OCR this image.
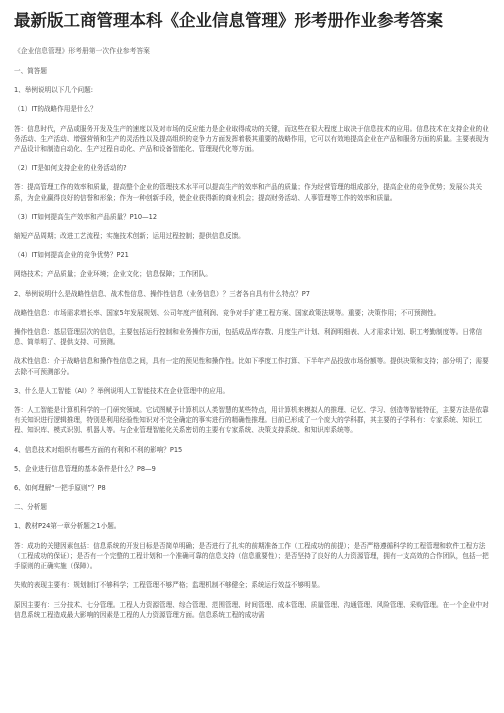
最新版工商管理本科《企业信息管理》形考册作业参考答案

《企业信息管理》形考册第一次作业参考答案

一、简答题

1、举例说明以下几个问题:

（1）IT的战略作用是什么？

答：信息时代，产品或服务开发及生产的速度以及对市场的反应能力是企业取得成功的关键，而这些在很大程度上取决于信息技术的应用。信息技术在支持企业的业务活动、生产活动、增强营销和生产的灵活性以及提高组织的竞争力方面发挥着极其重要的战略作用，它可以有效地提高企业在产品和服务方面的质量。主要表现为产品设计和制造自动化、生产过程自动化、产品和设备智能化、管理现代化等方面。

（2）IT是如何支持企业的业务活动的?

答：提高管理工作的效率和质量，提高整个企业的管理技术水平可以提高生产的效率和产品的质量；作为经营管理的组成部分，提高企业的竞争优势；发展公共关系，为企业赢得良好的信誉和形象；作为一种创新手段，使企业获得新的商业机会；提高财务活动、人事管理等工作的效率和质量。

（3）IT如何提高生产效率和产品质量？P10—12

缩短产品周期；改进工艺流程；实施技术创新；运用过程控制；提供信息反馈。

（4）IT如何提高企业的竞争优势？P21

网络技术；产品质量；企业环境；企业文化；信息保障；工作团队。

2、举例说明什么是战略性信息、战术性信息、操作性信息（业务信息）？三者各自具有什么特点？P7

战略性信息：市场需求增长率、国家5年发展规划、公司年度产值利润、竞争对手扩建工程方案、国家政策法规等。重要；决策作用；不可预测性。

操作性信息：基层管理层次的信息，主要包括运行控制和业务操作方面，包括成品库存数、月度生产计划、利润明细表、人才需求计划、职工考勤制度等。日常信息、简单明了、提供支持、可预测。

战术性信息：介于战略信息和操作性信息之间，具有一定的预见性和操作性。比如下季度工作打算、下半年产品投放市场份额等。提供决策和支持；部分明了；需要去除不可预测部分。

3、什么是人工智能（AI）？举例说明人工智能技术在企业管理中的应用。

答：人工智能是计算机科学的一门研究领域。它试图赋予计算机以人类智慧的某些特点，用计算机来模拟人的推理、记忆、学习、创造等智能特征，主要方法是依靠有关知识进行逻辑推理，特别是利用经验性知识对不完全确定的事实进行的精确性推理。目前已形成了一个庞大的学科群，其主要的子学科有：专家系统、知识工程、知识库、模式识别、机器人等。与企业管理智能化关系密切的主要有专家系统、决策支持系统、和知识库系统等。

4、信息技术对组织有哪些方面的有利和不利的影响？P15

5、企业进行信息管理的基本条件是什么？P8—9

6、如何理解“一把手原则”？P8

二、分析题

1、教材P24第一章分析题之1小题。

答：成功的关键因素包括：信息系统的开发目标是否简单明确；是否进行了扎实的前期准备工作（工程成功的前提）；是否严格遵循科学的工程管理和软件工程方法（工程成功的保证）；是否有一个完整的工程计划和一个准确可靠的信息支持（信息重要性）；是否坚持了良好的人力资源管理，拥有一支高效的合作团队，包括一把手原则的正确实施（保障）。

失败的表现主要有：规划制订不够科学；工程管理不够严格；监理机制不够健全；系统运行效益不够明显。

原因主要有：三分技术、七分管理。工程人力资源管理、综合管理、范围管理、时间管理、成本管理、质量管理、沟通管理、风险管理、采购管理。在一个企业中对信息系统工程造成最大影响的因素是工程的人力资源管理方面。信息系统工程的成功需
